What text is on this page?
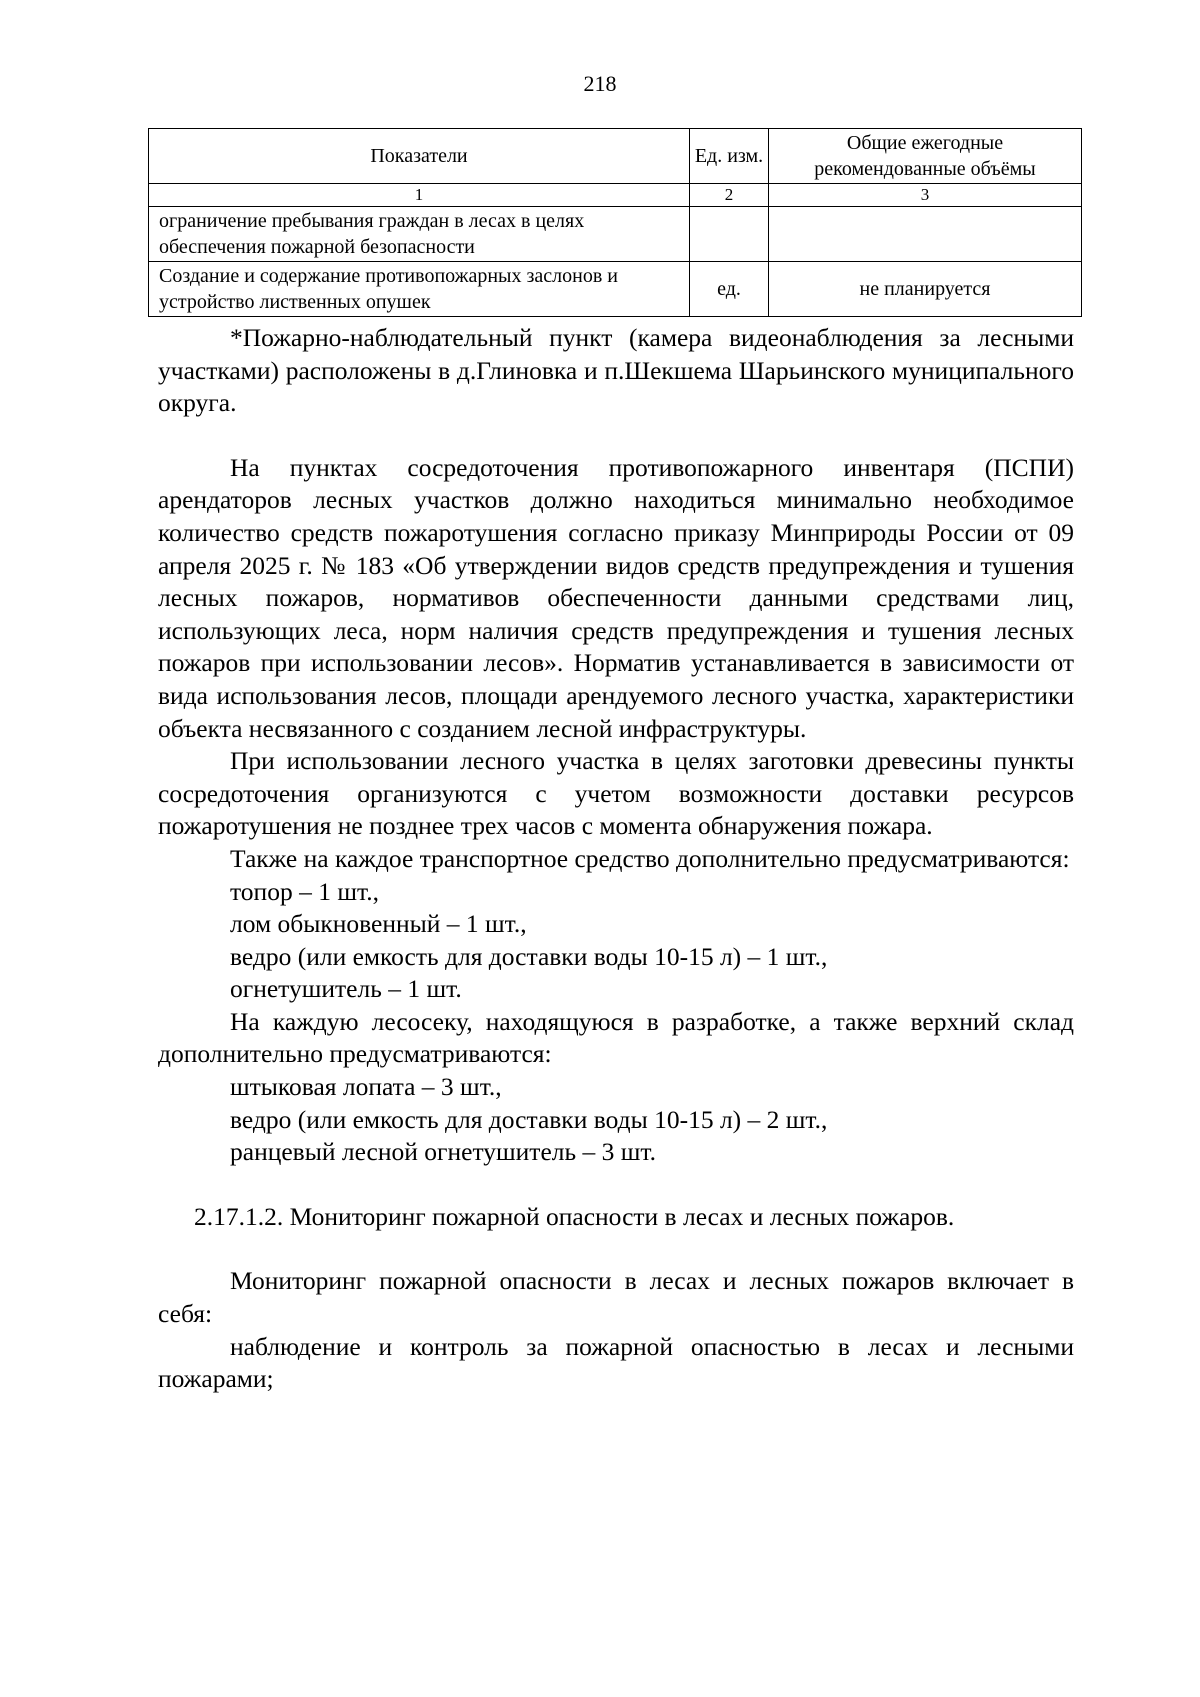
218
Показатели	Ед. изм.	Общие ежегодные рекомендованные объёмы
1	2	3
ограничение пребывания граждан в лесах в целях обеспечения пожарной безопасности		
Создание и содержание противопожарных заслонов и устройство лиственных опушек	ед.	не планируется

*Пожарно-наблюдательный пункт (камера видеонаблюдения за лесными участками) расположены в д.Глиновка и п.Шекшема Шарьинского муниципального округа.

На пунктах сосредоточения противопожарного инвентаря (ПСПИ) арендаторов лесных участков должно находиться минимально необходимое количество средств пожаротушения согласно приказу Минприроды России от 09 апреля 2025 г. № 183 «Об утверждении видов средств предупреждения и тушения лесных пожаров, нормативов обеспеченности данными средствами лиц, использующих леса, норм наличия средств предупреждения и тушения лесных пожаров при использовании лесов». Норматив устанавливается в зависимости от вида использования лесов, площади арендуемого лесного участка, характеристики объекта несвязанного с созданием лесной инфраструктуры.

При использовании лесного участка в целях заготовки древесины пункты сосредоточения организуются с учетом возможности доставки ресурсов пожаротушения не позднее трех часов с момента обнаружения пожара.

Также на каждое транспортное средство дополнительно предусматриваются:

топор – 1 шт.,

лом обыкновенный – 1 шт.,

ведро (или емкость для доставки воды 10-15 л) – 1 шт.,

огнетушитель – 1 шт.

На каждую лесосеку, находящуюся в разработке, а также верхний склад дополнительно предусматриваются:

штыковая лопата – 3 шт.,

ведро (или емкость для доставки воды 10-15 л) – 2 шт.,

ранцевый лесной огнетушитель – 3 шт.

2.17.1.2. Мониторинг пожарной опасности в лесах и лесных пожаров.

Мониторинг пожарной опасности в лесах и лесных пожаров включает в себя:

наблюдение и контроль за пожарной опасностью в лесах и лесными пожарами;
